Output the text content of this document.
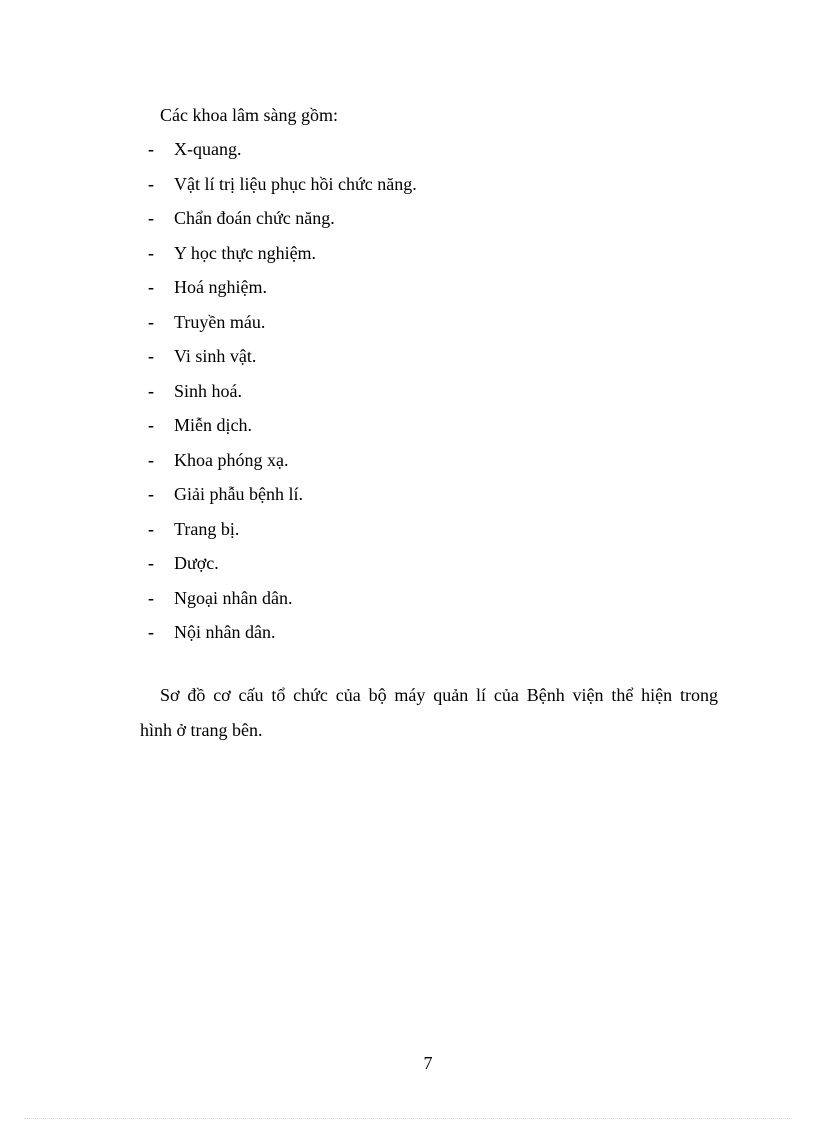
Các khoa lâm sàng gồm:
-	X-quang.
-	Vật lí trị liệu phục hồi chức năng.
-	Chẩn đoán chức năng.
-	Y học thực nghiệm.
-	Hoá nghiệm.
-	Truyền máu.
-	Vi sinh vật.
-	Sinh hoá.
-	Miễn dịch.
-	Khoa phóng xạ.
-	Giải phẫu bệnh lí.
-	Trang bị.
-	Dược.
-	Ngoại nhân dân.
-	Nội nhân dân.

Sơ đồ cơ cấu tổ chức của bộ máy quản lí của Bệnh viện thể hiện trong
hình ở trang bên.

7
